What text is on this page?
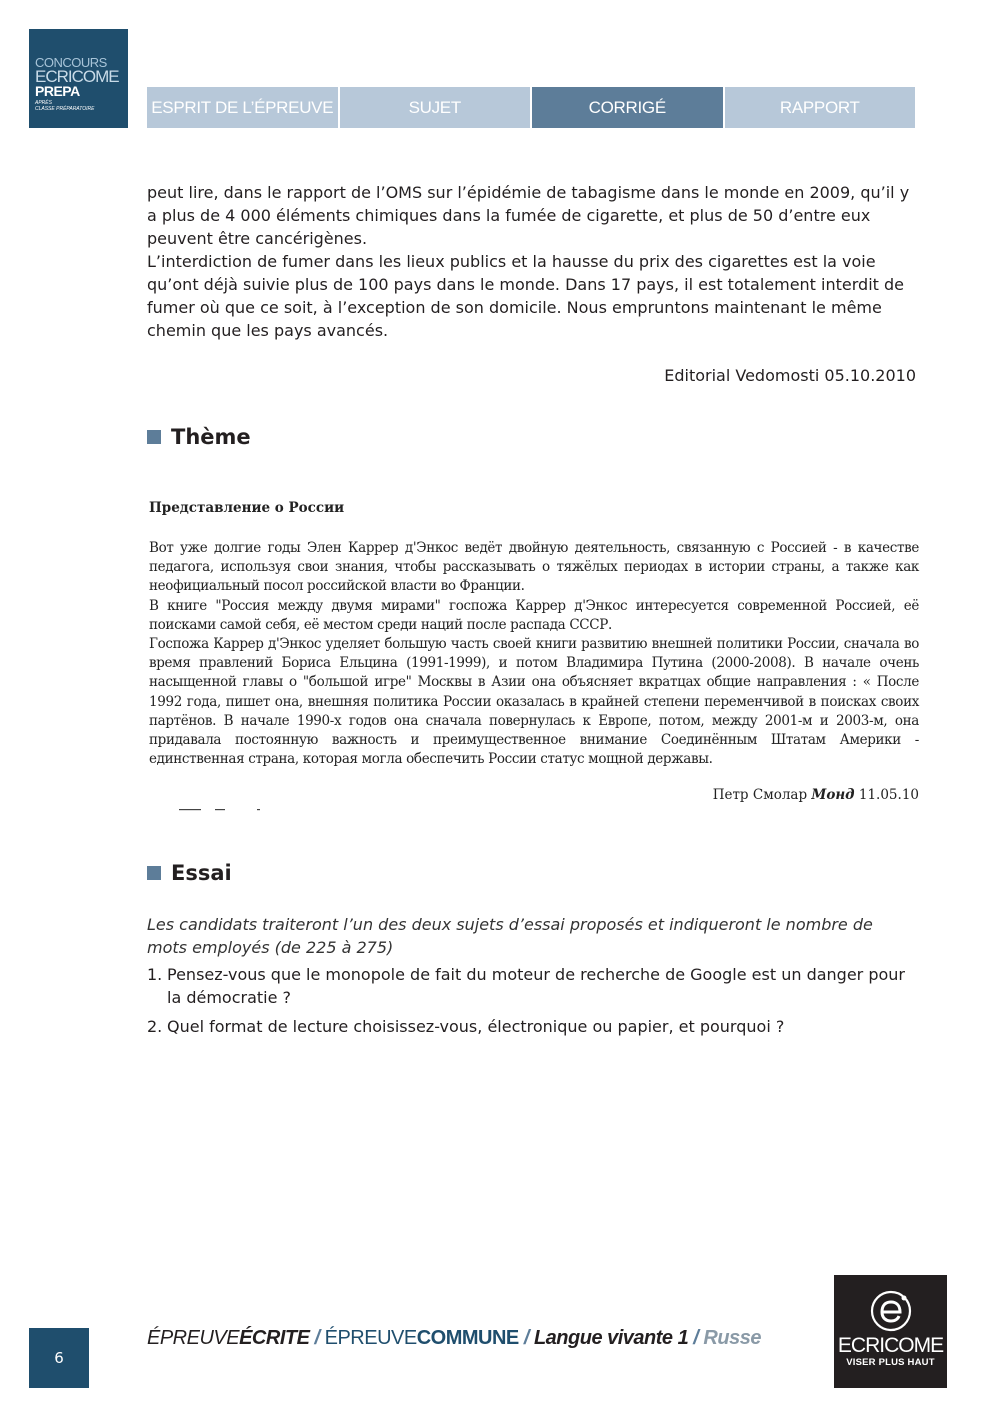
CONCOURS
ECRICOME
PREPA
APRÈS
CLASSE PRÉPARATOIRE	ESPRIT DE L’ÉPREUVE	SUJET	CORRIGÉ	RAPPORT

peut lire, dans le rapport de l’OMS sur l’épidémie de tabagisme dans le monde en 2009, qu’il y a plus de 4 000 éléments chimiques dans la fumée de cigarette, et plus de 50 d’entre eux peuvent être cancérigènes.

L’interdiction de fumer dans les lieux publics et la hausse du prix des cigarettes est la voie qu’ont déjà suivie plus de 100 pays dans le monde. Dans 17 pays, il est totalement interdit de fumer où que ce soit, à l’exception de son domicile. Nous empruntons maintenant le même chemin que les pays avancés.

Editorial Vedomosti 05.10.2010
Thème
Представление о России

Вот уже долгие годы Элен Каррер д'Энкос ведёт двойную деятельность, связанную с Россией - в качестве педагога, используя свои знания, чтобы рассказывать о тяжёлых периодах в истории страны, а также как неофициальный посол российской власти во Франции.

В книге "Россия между двумя мирами" госпожа Каррер д'Энкос интересуется современной Россией, её поисками самой себя, её местом среди наций после распада СССР.

Госпожа Каррер д'Энкос уделяет большую часть своей книги развитию внешней политики России, сначала во время правлений Бориса Ельцина (1991-1999), и потом Владимира Путина (2000-2008). В начале очень насыщенной главы о "большой игре" Москвы в Азии она объясняет вкратцах общие направления : « После 1992 года, пишет она, внешняя политика России оказалась в крайней степени переменчивой в поисках своих партёнов. В начале 1990-х годов она сначала повернулась к Европе, потом, между 2001-м и 2003-м, она придавала постоянную важность и преимущественное внимание Соединённым Штатам Америки - единственная страна, которая могла обеспечить России статус мощной державы.

Петр Смолар Монд 11.05.10
Essai
Les candidats traiteront l’un des deux sujets d’essai proposés et indiqueront le nombre de mots employés (de 225 à 275)
1. Pensez-vous que le monopole de fait du moteur de recherche de Google est un danger pour la démocratie ?
2. Quel format de lecture choisissez-vous, électronique ou papier, et pourquoi ?
6
ÉPREUVEÉCRITE / ÉPREUVECOMMUNE / Langue vivante 1 / Russe	ECRICOME
VISER PLUS HAUT
